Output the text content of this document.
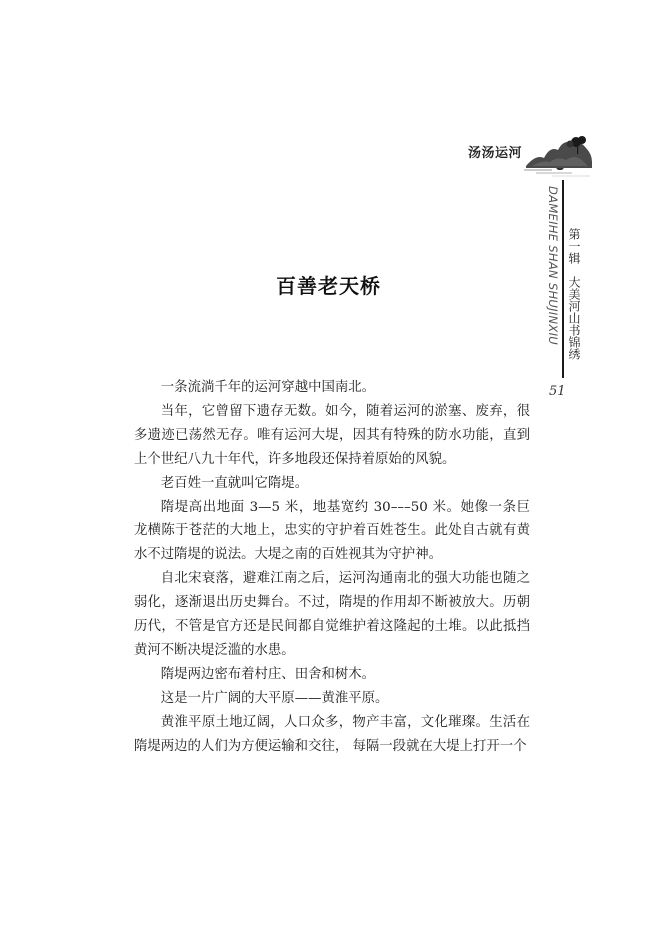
汤汤运河
DAMEIHE SHAN SHUJINXIU 第一辑大美河山书锦绣
51
百善老天桥

一条流淌千年的运河穿越中国南北。

当年，它曾留下遗存无数。如今，随着运河的淤塞、废弃，很多遗迹已荡然无存。唯有运河大堤，因其有特殊的防水功能，直到上个世纪八九十年代，许多地段还保持着原始的风貌。

老百姓一直就叫它隋堤。

隋堤高出地面 3—5 米，地基宽约 30–––50 米。她像一条巨龙横陈于苍茫的大地上，忠实的守护着百姓苍生。此处自古就有黄水不过隋堤的说法。大堤之南的百姓视其为守护神。

自北宋衰落，避难江南之后，运河沟通南北的强大功能也随之弱化，逐渐退出历史舞台。不过，隋堤的作用却不断被放大。历朝历代，不管是官方还是民间都自觉维护着这隆起的土堆。以此抵挡黄河不断决堤泛滥的水患。

隋堤两边密布着村庄、田舍和树木。

这是一片广阔的大平原——黄淮平原。

黄淮平原土地辽阔，人口众多，物产丰富，文化璀璨。生活在隋堤两边的人们为方便运输和交往， 每隔一段就在大堤上打开一个
